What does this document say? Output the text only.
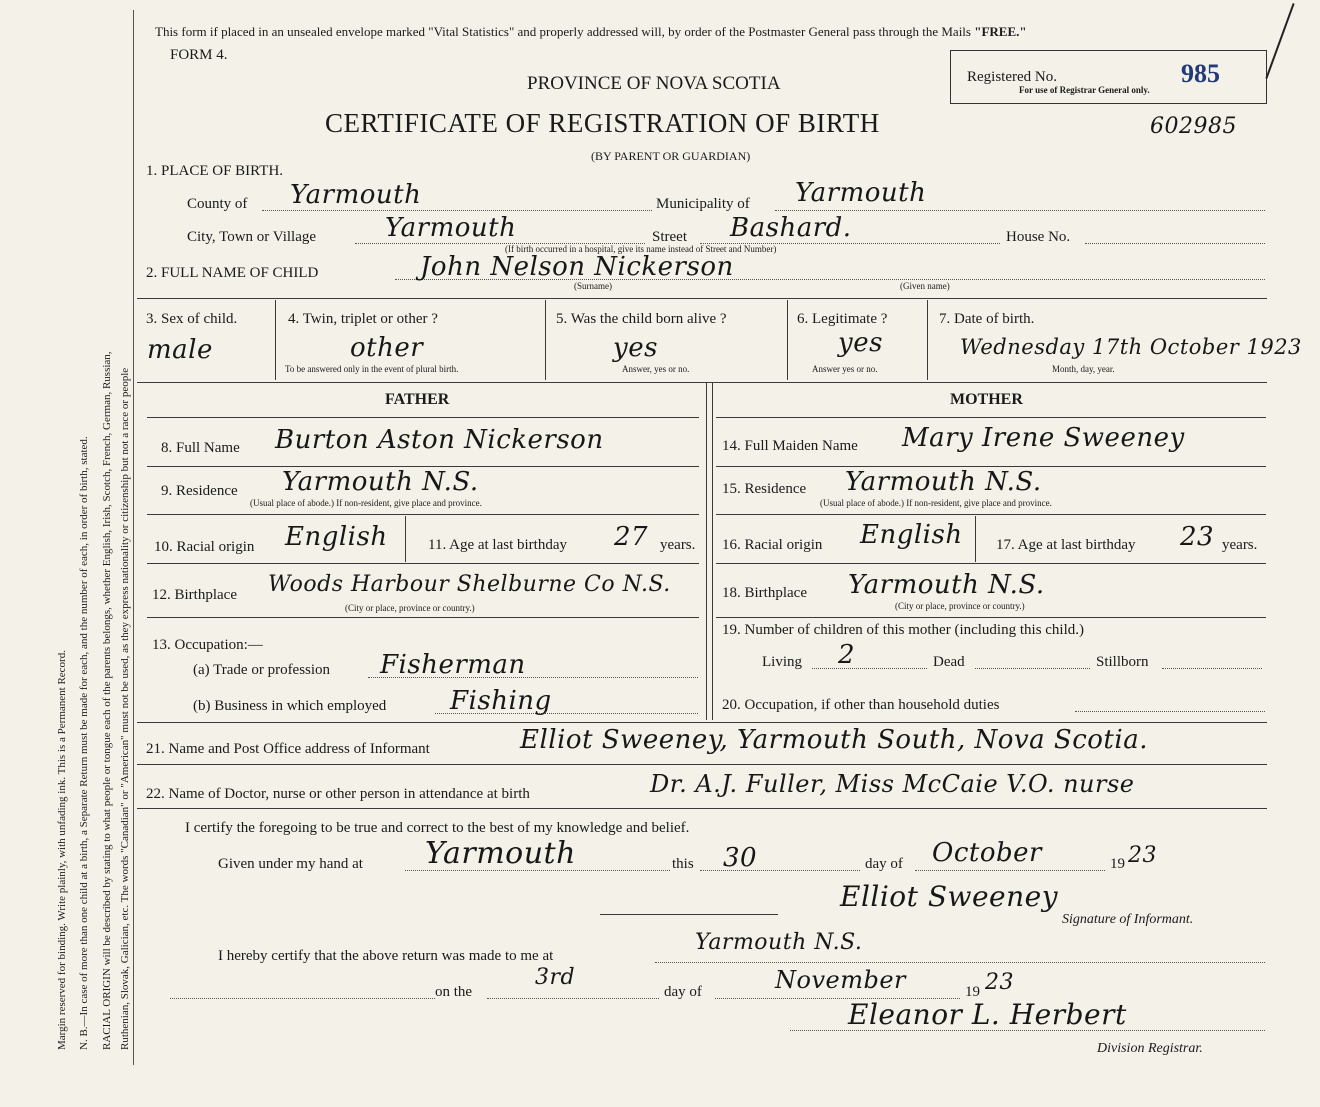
Margin reserved for binding. Write plainly, with unfading ink. This is a Permanent Record. N. B.—In case of more than one child at a birth, a Separate Return must be made for each, and the number of each, in order of birth, stated. RACIAL ORIGIN will be described by stating to what people or tongue each of the parents belongs, whether English, Irish, Scotch, French, German, Russian, Ruthenian, Slovak, Galician, etc. The words "Canadian" or "American" must not be used, as they express nationality or citizenship but not a race or people
This form if placed in an unsealed envelope marked "Vital Statistics" and properly addressed will, by order of the Postmaster General pass through the Mails "FREE."
FORM 4.
PROVINCE OF NOVA SCOTIA
CERTIFICATE OF REGISTRATION OF BIRTH
(BY PARENT OR GUARDIAN)
Registered No.	985
For use of Registrar General only.
602985
1. PLACE OF BIRTH.
County of Yarmouth	Municipality of Yarmouth
City, Town or Village	Yarmouth	Street Bashard.	House No.
(If birth occurred in a hospital, give its name instead of Street and Number)
2. FULL NAME OF CHILD	John Nelson Nickerson
(Surname)	(Given name)
3. Sex of child.
male
4. Twin, triplet or other ?
other
To be answered only in the event of plural birth.
5. Was the child born alive ?
yes
Answer, yes or no.
6. Legitimate ?
yes
Answer yes or no.
7. Date of birth.
Wednesday 17th October 1923
Month, day, year.
FATHER	MOTHER
8. Full Name Burton Aston Nickerson
9. Residence Yarmouth N.S.
(Usual place of abode.) If non-resident, give place and province.
10. Racial origin English	11. Age at last birthday 27 years.
12. Birthplace Woods Harbour Shelburne Co N.S.
(City or place, province or country.)
13. Occupation:—
(a) Trade or profession Fisherman
(b) Business in which employed Fishing
14. Full Maiden Name Mary Irene Sweeney
15. Residence Yarmouth N.S.
(Usual place of abode.) If non-resident, give place and province.
16. Racial origin English 17. Age at last birthday 23 years.
18. Birthplace Yarmouth N.S.
(City or place, province or country.)
19. Number of children of this mother (including this child.)
Living 2	Dead	Stillborn
20. Occupation, if other than household duties
21. Name and Post Office address of Informant	Elliot Sweeney, Yarmouth South, Nova Scotia.
22. Name of Doctor, nurse or other person in attendance at birth	Dr. A.J. Fuller, Miss McCaie V.O. nurse
I certify the foregoing to be true and correct to the best of my knowledge and belief.
Given under my hand at Yarmouth	this 30	day of October	19 23
Elliot Sweeney
Signature of Informant.
I hereby certify that the above return was made to me at
Yarmouth N.S.
on the
3rd
day of	November	19 23
Eleanor L. Herbert
Division Registrar.
